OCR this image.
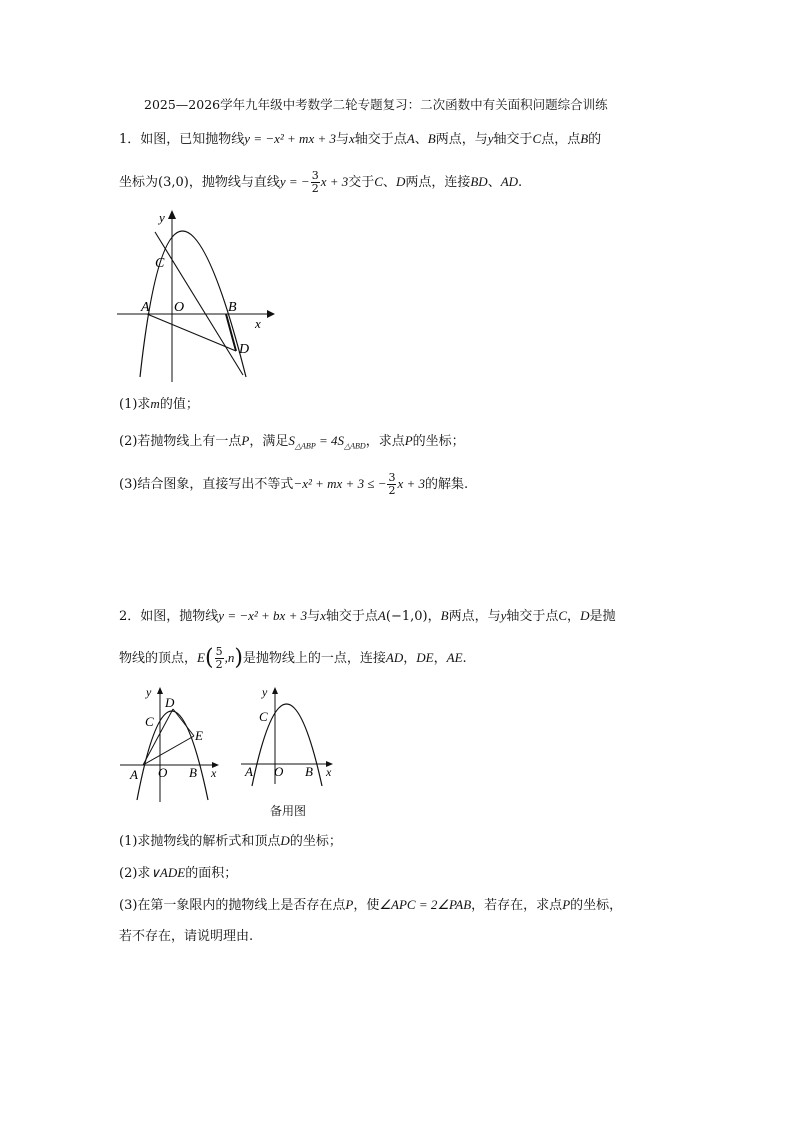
2025—2026学年九年级中考数学二轮专题复习：二次函数中有关面积问题综合训练
1．如图，已知抛物线y = −x² + mx + 3与x轴交于点A、B两点，与y轴交于C点，点B的
坐标为(3,0)，抛物线与直线y = − $\frac{3}{2}$ x + 3交于C、D两点，连接BD、AD.
y
C
A O	B
x
D
(1)求m的值；
(2)若抛物线上有一点P，满足$S_{\triangle ABP} = 4S_{\triangle ABD}$，求点P的坐标；
(3)结合图象，直接写出不等式−x² + mx + 3 ≤ − $\frac{3}{2}$ x + 3的解集.
2．如图，抛物线y = −x² + bx + 3与x轴交于点A(−1,0)，B两点，与y轴交于点C，D是抛
物线的顶点，$E( \frac{5}{2} ,n)$是抛物线上的一点，连接AD，DE，AE.
y
D
C
E
A O B x
y
C
A O B x
备用图
(1)求抛物线的解析式和顶点D的坐标；
(2)求∨ADE的面积；
(3)在第一象限内的抛物线上是否存在点P，使∠APC = 2∠PAB，若存在，求点P的坐标，
若不存在，请说明理由.
